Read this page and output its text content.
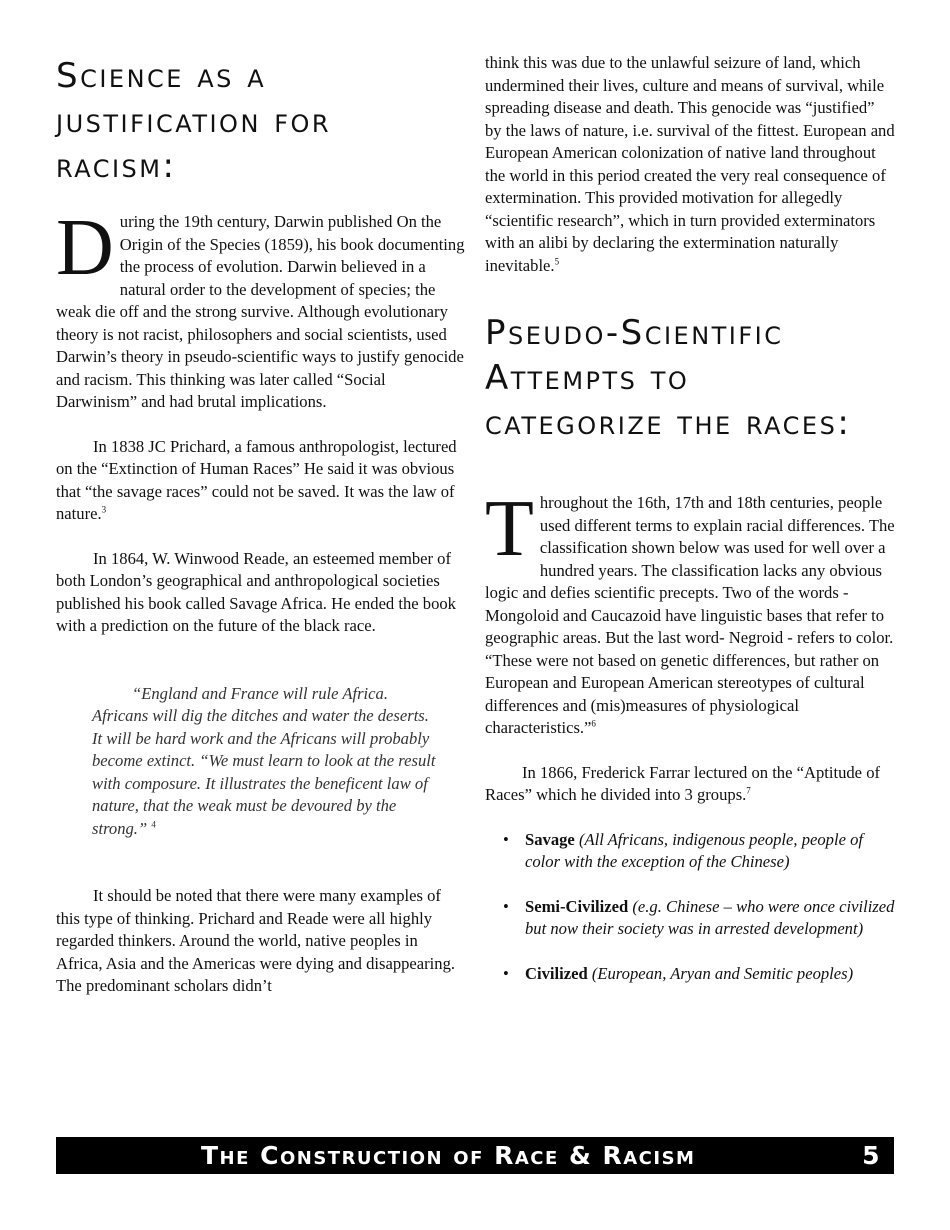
Science as a justification for racism:

During the 19th century, Darwin published On the Origin of the Species (1859), his book documenting the process of evolution. Darwin believed in a natural order to the development of species; the weak die off and the strong survive. Although evolutionary theory is not racist, philosophers and social scientists, used Darwin’s theory in pseudo-scientific ways to justify genocide and racism. This thinking was later called “Social Darwinism” and had brutal implications.

In 1838 JC Prichard, a famous anthropologist, lectured on the “Extinction of Human Races” He said it was obvious that “the savage races” could not be saved. It was the law of nature.$^3$

In 1864, W. Winwood Reade, an esteemed member of both London’s geographical and anthropological societies published his book called Savage Africa. He ended the book with a prediction on the future of the black race.

“England and France will rule Africa. Africans will dig the ditches and water the deserts. It will be hard work and the Africans will probably become extinct. “We must learn to look at the result with composure. It illustrates the beneficent law of nature, that the weak must be devoured by the strong.” $^4$

It should be noted that there were many examples of this type of thinking. Prichard and Reade were all highly regarded thinkers. Around the world, native peoples in Africa, Asia and the Americas were dying and disappearing. The predominant scholars didn’t

think this was due to the unlawful seizure of land, which undermined their lives, culture and means of survival, while spreading disease and death. This genocide was “justified” by the laws of nature, i.e. survival of the fittest. European and European American colonization of native land throughout the world in this period created the very real consequence of extermination. This provided motivation for allegedly “scientific research”, which in turn provided exterminators with an alibi by declaring the extermination naturally inevitable.$^5$

Pseudo-Scientific Attempts to categorize the races:

Throughout the 16th, 17th and 18th centuries, people used different terms to explain racial differences. The classification shown below was used for well over a hundred years. The classification lacks any obvious logic and defies scientific precepts. Two of the words - Mongoloid and Caucazoid have linguistic bases that refer to geographic areas. But the last word- Negroid - refers to color. “These were not based on genetic differences, but rather on European and European American stereotypes of cultural differences and (mis)measures of physiological characteristics.”$^6$

In 1866, Frederick Farrar lectured on the “Aptitude of Races” which he divided into 3 groups.$^7$

• Savage (All Africans, indigenous people, people of color with the exception of the Chinese)
• Semi-Civilized (e.g. Chinese – who were once civilized but now their society was in arrested development)
• Civilized (European, Aryan and Semitic peoples)
The Construction of Race & Racism	5
